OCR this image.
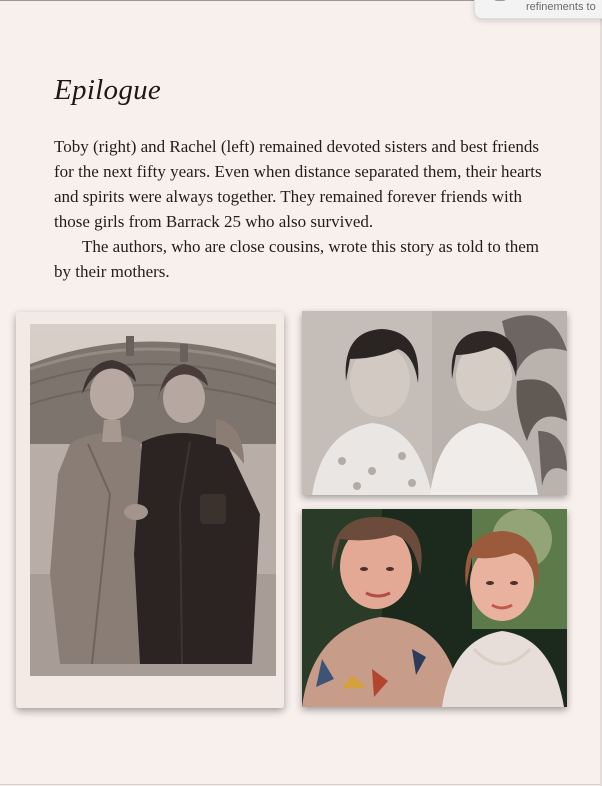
refinements to
Epilogue

Toby (right) and Rachel (left) remained devoted sisters and best friends for the next fifty years. Even when distance separated them, their hearts and spirits were always together. They remained forever friends with those girls from Barrack 25 who also survived.

The authors, who are close cousins, wrote this story as told to them by their mothers.
